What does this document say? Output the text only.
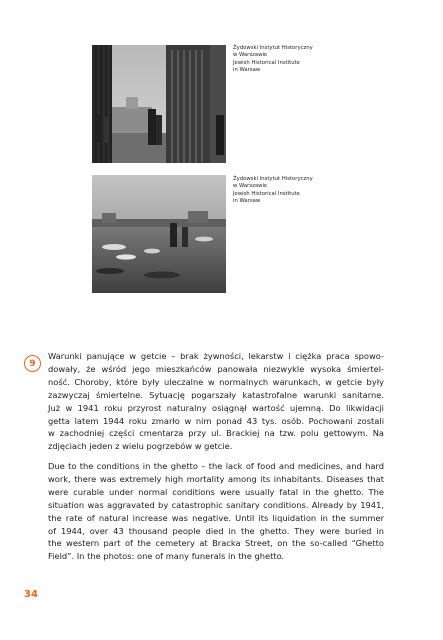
Żydowski Instytut Historyczny
w Warszawie
Jewish Historical Institute
in Warsaw
Żydowski Instytut Historyczny
w Warszawie
Jewish Historical Institute
in Warsaw
9
Warunki panujące w getcie – brak żywności, lekarstw i ciężka praca spowo-
dowały, że wśród jego mieszkańców panowała niezwykle wysoka śmiertel-
ność. Choroby, które były uleczalne w normalnych warunkach, w getcie były
zazwyczaj śmiertelne. Sytuację pogarszały katastrofalne warunki sanitarne.
Już w 1941 roku przyrost naturalny osiągnął wartość ujemną. Do likwidacji
getta latem 1944 roku zmarło w nim ponad 43 tys. osób. Pochowani zostali
w zachodniej części cmentarza przy ul. Brackiej na tzw. polu gettowym. Na
zdjęciach jeden z wielu pogrzebów w getcie.
Due to the conditions in the ghetto – the lack of food and medicines, and hard
work, there was extremely high mortality among its inhabitants. Diseases that
were curable under normal conditions were usually fatal in the ghetto. The
situation was aggravated by catastrophic sanitary conditions. Already by 1941,
the rate of natural increase was negative. Until its liquidation in the summer
of 1944, over 43 thousand people died in the ghetto. They were buried in
the western part of the cemetery at Bracka Street, on the so-called “Ghetto
Field”. In the photos: one of many funerals in the ghetto.
34
